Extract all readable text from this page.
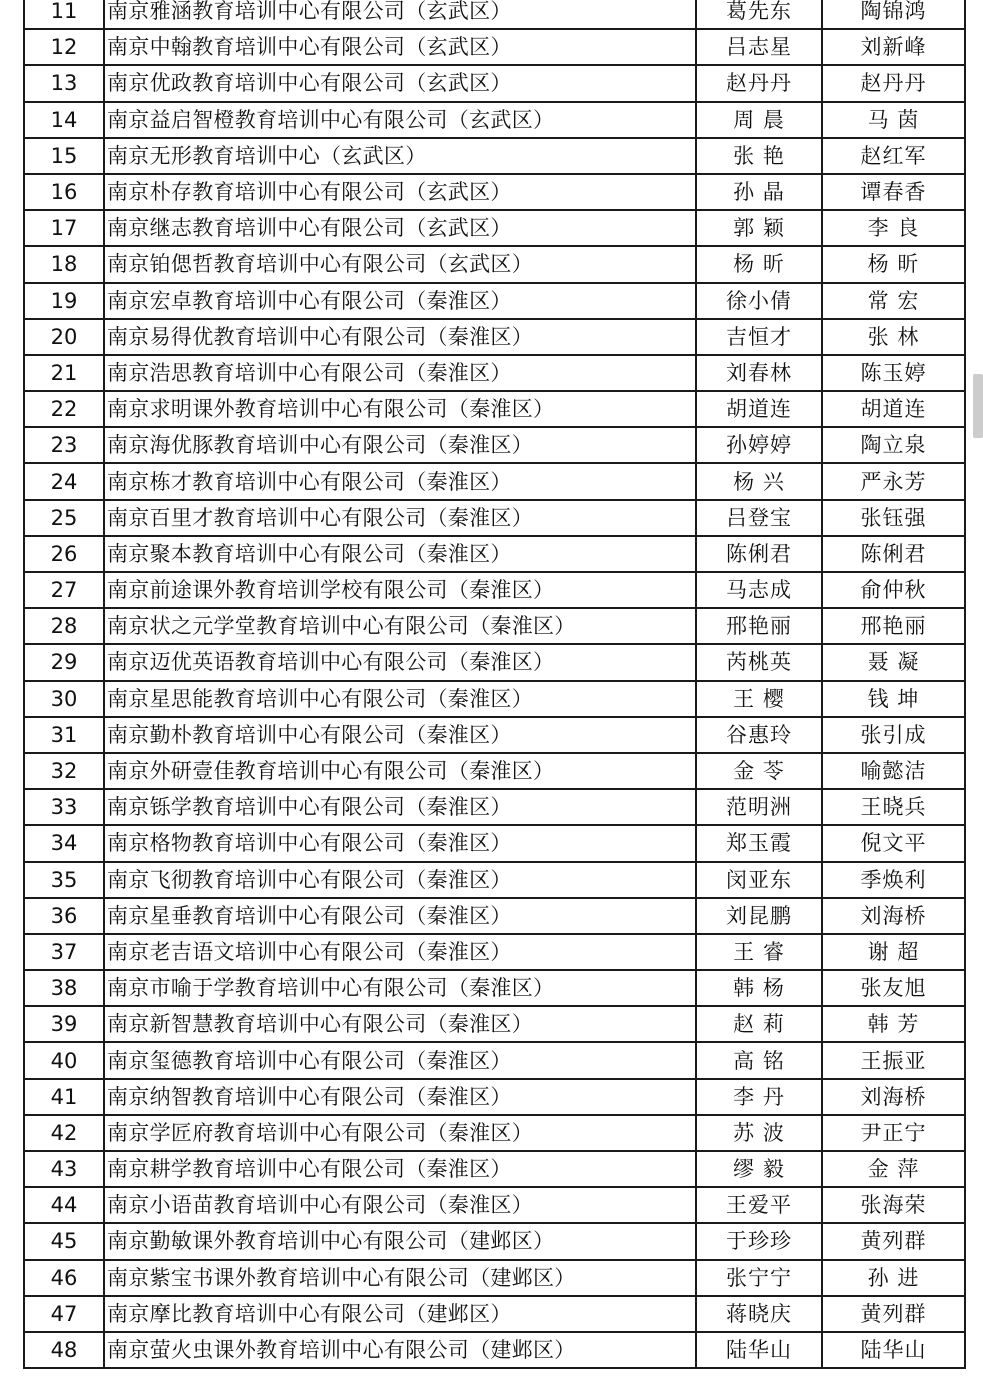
11	南京雅涵教育培训中心有限公司（玄武区）	葛先东	陶锦鸿
12	南京中翰教育培训中心有限公司（玄武区）	吕志星	刘新峰
13	南京优政教育培训中心有限公司（玄武区）	赵丹丹	赵丹丹
14	南京益启智橙教育培训中心有限公司（玄武区）	周 晨	马 茵
15	南京无形教育培训中心（玄武区）	张 艳	赵红军
16	南京朴存教育培训中心有限公司（玄武区）	孙 晶	谭春香
17	南京继志教育培训中心有限公司（玄武区）	郭 颖	李 良
18	南京铂偲哲教育培训中心有限公司（玄武区）	杨 昕	杨 昕
19	南京宏卓教育培训中心有限公司（秦淮区）	徐小倩	常 宏
20	南京易得优教育培训中心有限公司（秦淮区）	吉恒才	张 林
21	南京浩思教育培训中心有限公司（秦淮区）	刘春林	陈玉婷
22	南京求明课外教育培训中心有限公司（秦淮区）	胡道连	胡道连
23	南京海优豚教育培训中心有限公司（秦淮区）	孙婷婷	陶立泉
24	南京栋才教育培训中心有限公司（秦淮区）	杨 兴	严永芳
25	南京百里才教育培训中心有限公司（秦淮区）	吕登宝	张钰强
26	南京聚本教育培训中心有限公司（秦淮区）	陈俐君	陈俐君
27	南京前途课外教育培训学校有限公司（秦淮区）	马志成	俞仲秋
28	南京状之元学堂教育培训中心有限公司（秦淮区）	邢艳丽	邢艳丽
29	南京迈优英语教育培训中心有限公司（秦淮区）	芮桃英	聂 凝
30	南京星思能教育培训中心有限公司（秦淮区）	王 樱	钱 坤
31	南京勤朴教育培训中心有限公司（秦淮区）	谷惠玲	张引成
32	南京外研壹佳教育培训中心有限公司（秦淮区）	金 苓	喻懿洁
33	南京铄学教育培训中心有限公司（秦淮区）	范明洲	王晓兵
34	南京格物教育培训中心有限公司（秦淮区）	郑玉霞	倪文平
35	南京飞彻教育培训中心有限公司（秦淮区）	闵亚东	季焕利
36	南京星垂教育培训中心有限公司（秦淮区）	刘昆鹏	刘海桥
37	南京老吉语文培训中心有限公司（秦淮区）	王 睿	谢 超
38	南京市喻于学教育培训中心有限公司（秦淮区）	韩 杨	张友旭
39	南京新智慧教育培训中心有限公司（秦淮区）	赵 莉	韩 芳
40	南京玺德教育培训中心有限公司（秦淮区）	高 铭	王振亚
41	南京纳智教育培训中心有限公司（秦淮区）	李 丹	刘海桥
42	南京学匠府教育培训中心有限公司（秦淮区）	苏 波	尹正宁
43	南京耕学教育培训中心有限公司（秦淮区）	缪 毅	金 萍
44	南京小语苗教育培训中心有限公司（秦淮区）	王爱平	张海荣
45	南京勤敏课外教育培训中心有限公司（建邺区）	于珍珍	黄列群
46	南京紫宝书课外教育培训中心有限公司（建邺区）	张宁宁	孙 进
47	南京摩比教育培训中心有限公司（建邺区）	蒋晓庆	黄列群
48	南京萤火虫课外教育培训中心有限公司（建邺区）	陆华山	陆华山
